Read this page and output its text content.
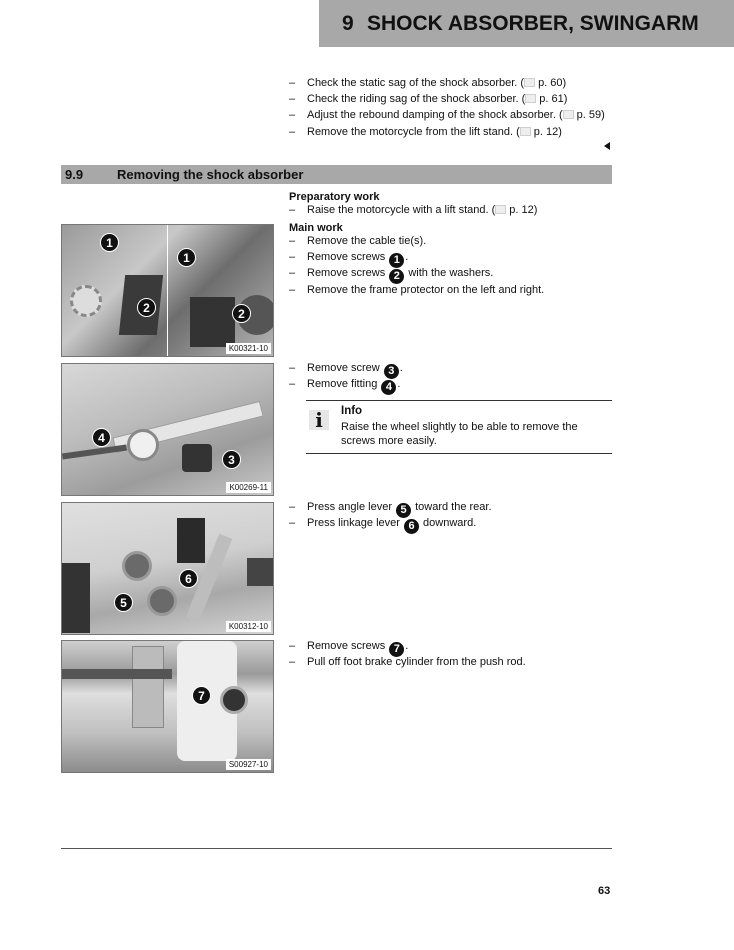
9 SHOCK ABSORBER, SWINGARM
– Check the static sag of the shock absorber. ( p. 60)
– Check the riding sag of the shock absorber. ( p. 61)
– Adjust the rebound damping of the shock absorber. ( p. 59)
– Remove the motorcycle from the lift stand. ( p. 12)
9.9	Removing the shock absorber
Preparatory work
– Raise the motorcycle with a lift stand. ( p. 12)
Main work
– Remove the cable tie(s).
– Remove screws 1 .
– Remove screws 2 with the washers.
– Remove the frame protector on the left and right.
– Remove screw 3 .
– Remove fitting 4 .
i	Info
Raise the wheel slightly to be able to remove the screws more easily.
– Press angle lever 5 toward the rear.
– Press linkage lever 6 downward.
– Remove screws 7 .
– Pull off foot brake cylinder from the push rod.
1
1
2	2
K00321-10
4
3
K00269-11
6
5
K00312-10
7
S00927-10
63
